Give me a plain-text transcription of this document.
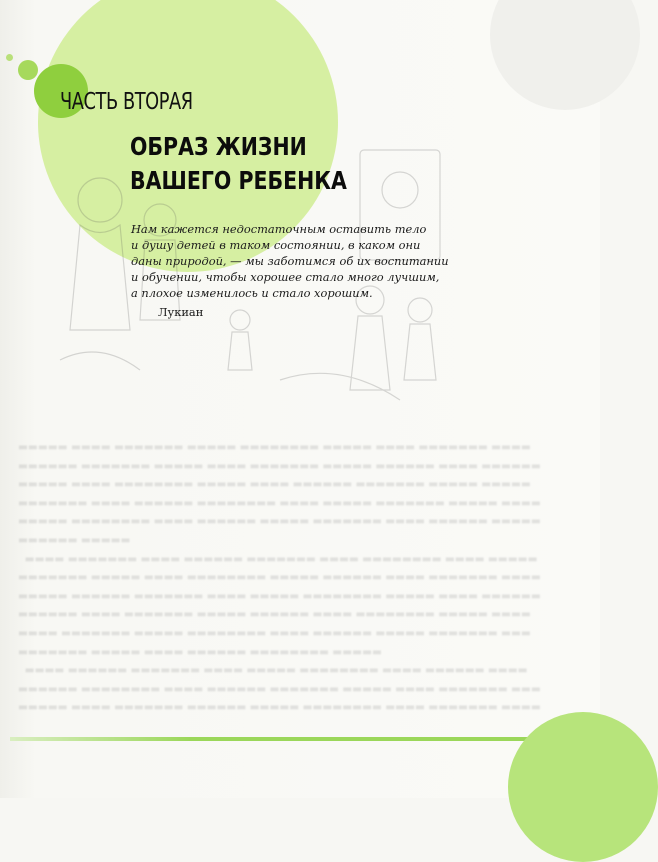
ЧАСТЬ ВТОРАЯ
ОБРАЗ ЖИЗНИ
ВАШЕГО РЕБЕНКА
Нам кажется недостаточным оставить тело
и душу детей в таком состоянии, в каком они
даны природой, — мы заботимся об их воспитании
и обучении, чтобы хорошее стало много лучшим,
а плохое изменилось и стало хорошим.
Лукиан
▬▬▬▬▬ ▬▬▬▬ ▬▬▬▬▬▬▬ ▬▬▬▬▬ ▬▬▬▬▬▬▬▬ ▬▬▬▬▬ ▬▬▬▬ ▬▬▬▬▬▬▬ ▬▬▬▬
▬▬▬▬▬▬ ▬▬▬▬▬▬▬ ▬▬▬▬▬ ▬▬▬▬ ▬▬▬▬▬▬▬ ▬▬▬▬▬ ▬▬▬▬▬▬ ▬▬▬▬ ▬▬▬▬▬▬
▬▬▬▬▬ ▬▬▬▬ ▬▬▬▬▬▬▬▬ ▬▬▬▬▬ ▬▬▬▬ ▬▬▬▬▬▬ ▬▬▬▬▬▬▬ ▬▬▬▬▬ ▬▬▬▬▬
▬▬▬▬▬▬▬ ▬▬▬▬ ▬▬▬▬▬▬ ▬▬▬▬▬▬▬▬ ▬▬▬▬ ▬▬▬▬▬ ▬▬▬▬▬▬▬ ▬▬▬▬▬ ▬▬▬▬
▬▬▬▬▬ ▬▬▬▬▬▬▬▬ ▬▬▬▬ ▬▬▬▬▬▬ ▬▬▬▬▬ ▬▬▬▬▬▬▬ ▬▬▬▬ ▬▬▬▬▬▬ ▬▬▬▬▬
▬▬▬▬▬▬ ▬▬▬▬▬
▬▬▬▬ ▬▬▬▬▬▬▬ ▬▬▬▬ ▬▬▬▬▬▬ ▬▬▬▬▬▬▬ ▬▬▬▬ ▬▬▬▬▬▬▬▬ ▬▬▬▬ ▬▬▬▬▬
▬▬▬▬▬▬▬ ▬▬▬▬▬ ▬▬▬▬ ▬▬▬▬▬▬▬▬ ▬▬▬▬▬ ▬▬▬▬▬▬ ▬▬▬▬ ▬▬▬▬▬▬▬ ▬▬▬▬
▬▬▬▬▬ ▬▬▬▬▬▬ ▬▬▬▬▬▬▬ ▬▬▬▬ ▬▬▬▬▬ ▬▬▬▬▬▬▬▬ ▬▬▬▬▬ ▬▬▬▬ ▬▬▬▬▬▬
▬▬▬▬▬▬ ▬▬▬▬ ▬▬▬▬▬▬▬ ▬▬▬▬▬ ▬▬▬▬▬▬ ▬▬▬▬ ▬▬▬▬▬▬▬▬ ▬▬▬▬▬ ▬▬▬▬
▬▬▬▬ ▬▬▬▬▬▬▬ ▬▬▬▬▬ ▬▬▬▬▬▬▬▬ ▬▬▬▬ ▬▬▬▬▬▬ ▬▬▬▬▬ ▬▬▬▬▬▬▬ ▬▬▬
▬▬▬▬▬▬▬ ▬▬▬▬▬ ▬▬▬▬ ▬▬▬▬▬▬ ▬▬▬▬▬▬▬▬ ▬▬▬▬▬
▬▬▬▬ ▬▬▬▬▬▬ ▬▬▬▬▬▬▬ ▬▬▬▬ ▬▬▬▬▬ ▬▬▬▬▬▬▬▬ ▬▬▬▬ ▬▬▬▬▬▬ ▬▬▬▬
▬▬▬▬▬▬ ▬▬▬▬▬▬▬▬ ▬▬▬▬ ▬▬▬▬▬▬ ▬▬▬▬▬▬▬ ▬▬▬▬▬ ▬▬▬▬ ▬▬▬▬▬▬▬ ▬▬▬
▬▬▬▬▬ ▬▬▬▬ ▬▬▬▬▬▬▬ ▬▬▬▬▬▬ ▬▬▬▬▬ ▬▬▬▬▬▬▬▬ ▬▬▬▬ ▬▬▬▬▬▬▬ ▬▬▬▬
